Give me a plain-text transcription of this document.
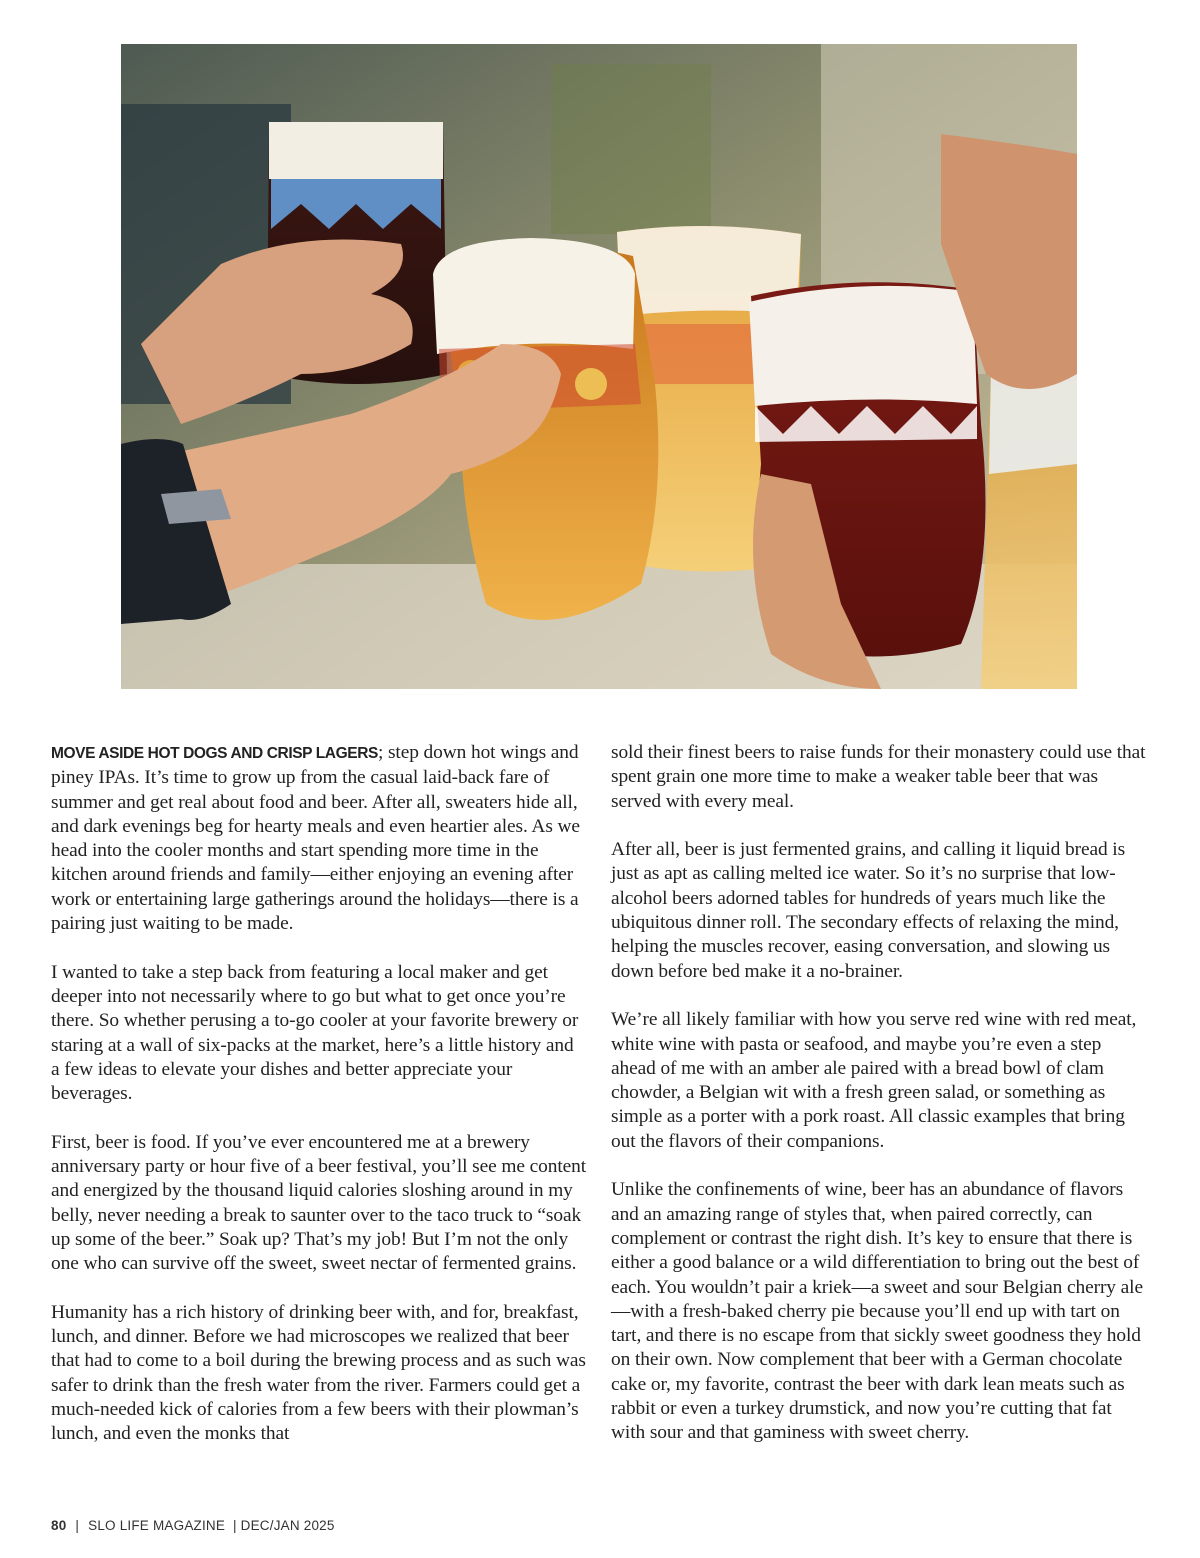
MOVE ASIDE HOT DOGS AND CRISP LAGERS; step down hot wings and piney IPAs. It’s time to grow up from the casual laid-back fare of summer and get real about food and beer. After all, sweaters hide all, and dark evenings beg for hearty meals and even heartier ales. As we head into the cooler months and start spending more time in the kitchen around friends and family—either enjoying an evening after work or entertaining large gatherings around the holidays—there is a pairing just waiting to be made.

I wanted to take a step back from featuring a local maker and get deeper into not necessarily where to go but what to get once you’re there. So whether perusing a to-go cooler at your favorite brewery or staring at a wall of six-packs at the market, here’s a little history and a few ideas to elevate your dishes and better appreciate your beverages.

First, beer is food. If you’ve ever encountered me at a brewery anniversary party or hour five of a beer festival, you’ll see me content and energized by the thousand liquid calories sloshing around in my belly, never needing a break to saunter over to the taco truck to “soak up some of the beer.” Soak up? That’s my job! But I’m not the only one who can survive off the sweet, sweet nectar of fermented grains.

Humanity has a rich history of drinking beer with, and for, breakfast, lunch, and dinner. Before we had microscopes we realized that beer that had to come to a boil during the brewing process and as such was safer to drink than the fresh water from the river. Farmers could get a much-needed kick of calories from a few beers with their plowman’s lunch, and even the monks that

sold their finest beers to raise funds for their monastery could use that spent grain one more time to make a weaker table beer that was served with every meal.

After all, beer is just fermented grains, and calling it liquid bread is just as apt as calling melted ice water. So it’s no surprise that low-alcohol beers adorned tables for hundreds of years much like the ubiquitous dinner roll. The secondary effects of relaxing the mind, helping the muscles recover, easing conversation, and slowing us down before bed make it a no-brainer.

We’re all likely familiar with how you serve red wine with red meat, white wine with pasta or seafood, and maybe you’re even a step ahead of me with an amber ale paired with a bread bowl of clam chowder, a Belgian wit with a fresh green salad, or something as simple as a porter with a pork roast. All classic examples that bring out the flavors of their companions.

Unlike the confinements of wine, beer has an abundance of flavors and an amazing range of styles that, when paired correctly, can complement or contrast the right dish. It’s key to ensure that there is either a good balance or a wild differentiation to bring out the best of each. You wouldn’t pair a kriek—a sweet and sour Belgian cherry ale—with a fresh-baked cherry pie because you’ll end up with tart on tart, and there is no escape from that sickly sweet goodness they hold on their own. Now complement that beer with a German chocolate cake or, my favorite, contrast the beer with dark lean meats such as rabbit or even a turkey drumstick, and now you’re cutting that fat with sour and that gaminess with sweet cherry.

80 | SLO LIFE MAGAZINE | DEC/JAN 2025
